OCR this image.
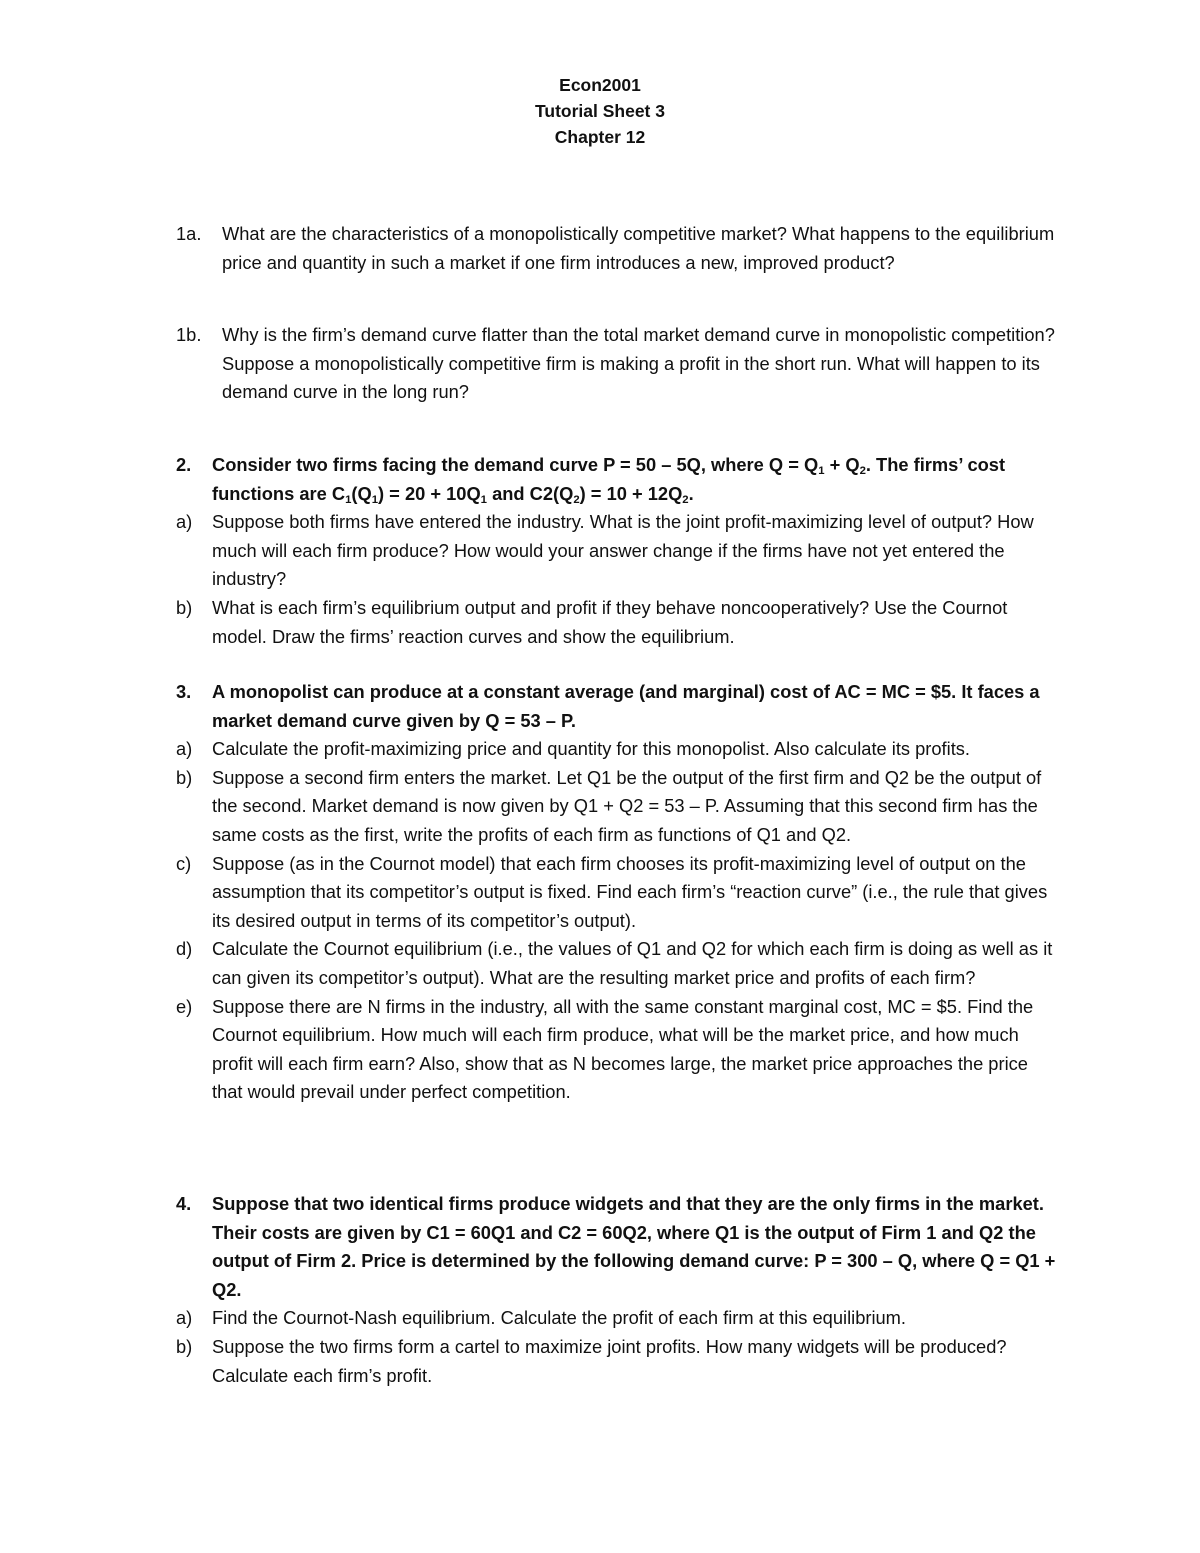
Econ2001
Tutorial Sheet 3
Chapter 12
1a. What are the characteristics of a monopolistically competitive market? What happens to the equilibrium price and quantity in such a market if one firm introduces a new, improved product?
1b. Why is the firm’s demand curve flatter than the total market demand curve in monopolistic competition? Suppose a monopolistically competitive firm is making a profit in the short run. What will happen to its demand curve in the long run?
2. Consider two firms facing the demand curve P = 50 – 5Q, where $Q = Q_1 + Q_2$. The firms’ cost functions are $C_1(Q_1) = 20 + 10Q_1$ and $C2(Q_2) = 10 + 12Q_2$.
a) Suppose both firms have entered the industry. What is the joint profit-maximizing level of output? How much will each firm produce? How would your answer change if the firms have not yet entered the industry?
b) What is each firm’s equilibrium output and profit if they behave noncooperatively? Use the Cournot model. Draw the firms’ reaction curves and show the equilibrium.
3. A monopolist can produce at a constant average (and marginal) cost of AC = MC = $5. It faces a market demand curve given by Q = 53 – P.
a) Calculate the profit-maximizing price and quantity for this monopolist. Also calculate its profits.
b) Suppose a second firm enters the market. Let Q1 be the output of the first firm and Q2 be the output of the second. Market demand is now given by Q1 + Q2 = 53 – P. Assuming that this second firm has the same costs as the first, write the profits of each firm as functions of Q1 and Q2.
c) Suppose (as in the Cournot model) that each firm chooses its profit-maximizing level of output on the assumption that its competitor’s output is fixed. Find each firm’s “reaction curve” (i.e., the rule that gives its desired output in terms of its competitor’s output).
d) Calculate the Cournot equilibrium (i.e., the values of Q1 and Q2 for which each firm is doing as well as it can given its competitor’s output). What are the resulting market price and profits of each firm?
e) Suppose there are N firms in the industry, all with the same constant marginal cost, MC = $5. Find the Cournot equilibrium. How much will each firm produce, what will be the market price, and how much profit will each firm earn? Also, show that as N becomes large, the market price approaches the price that would prevail under perfect competition.
4. Suppose that two identical firms produce widgets and that they are the only firms in the market. Their costs are given by C1 = 60Q1 and C2 = 60Q2, where Q1 is the output of Firm 1 and Q2 the output of Firm 2. Price is determined by the following demand curve: P = 300 – Q, where Q = Q1 + Q2.
a) Find the Cournot-Nash equilibrium. Calculate the profit of each firm at this equilibrium.
b) Suppose the two firms form a cartel to maximize joint profits. How many widgets will be produced? Calculate each firm’s profit.
